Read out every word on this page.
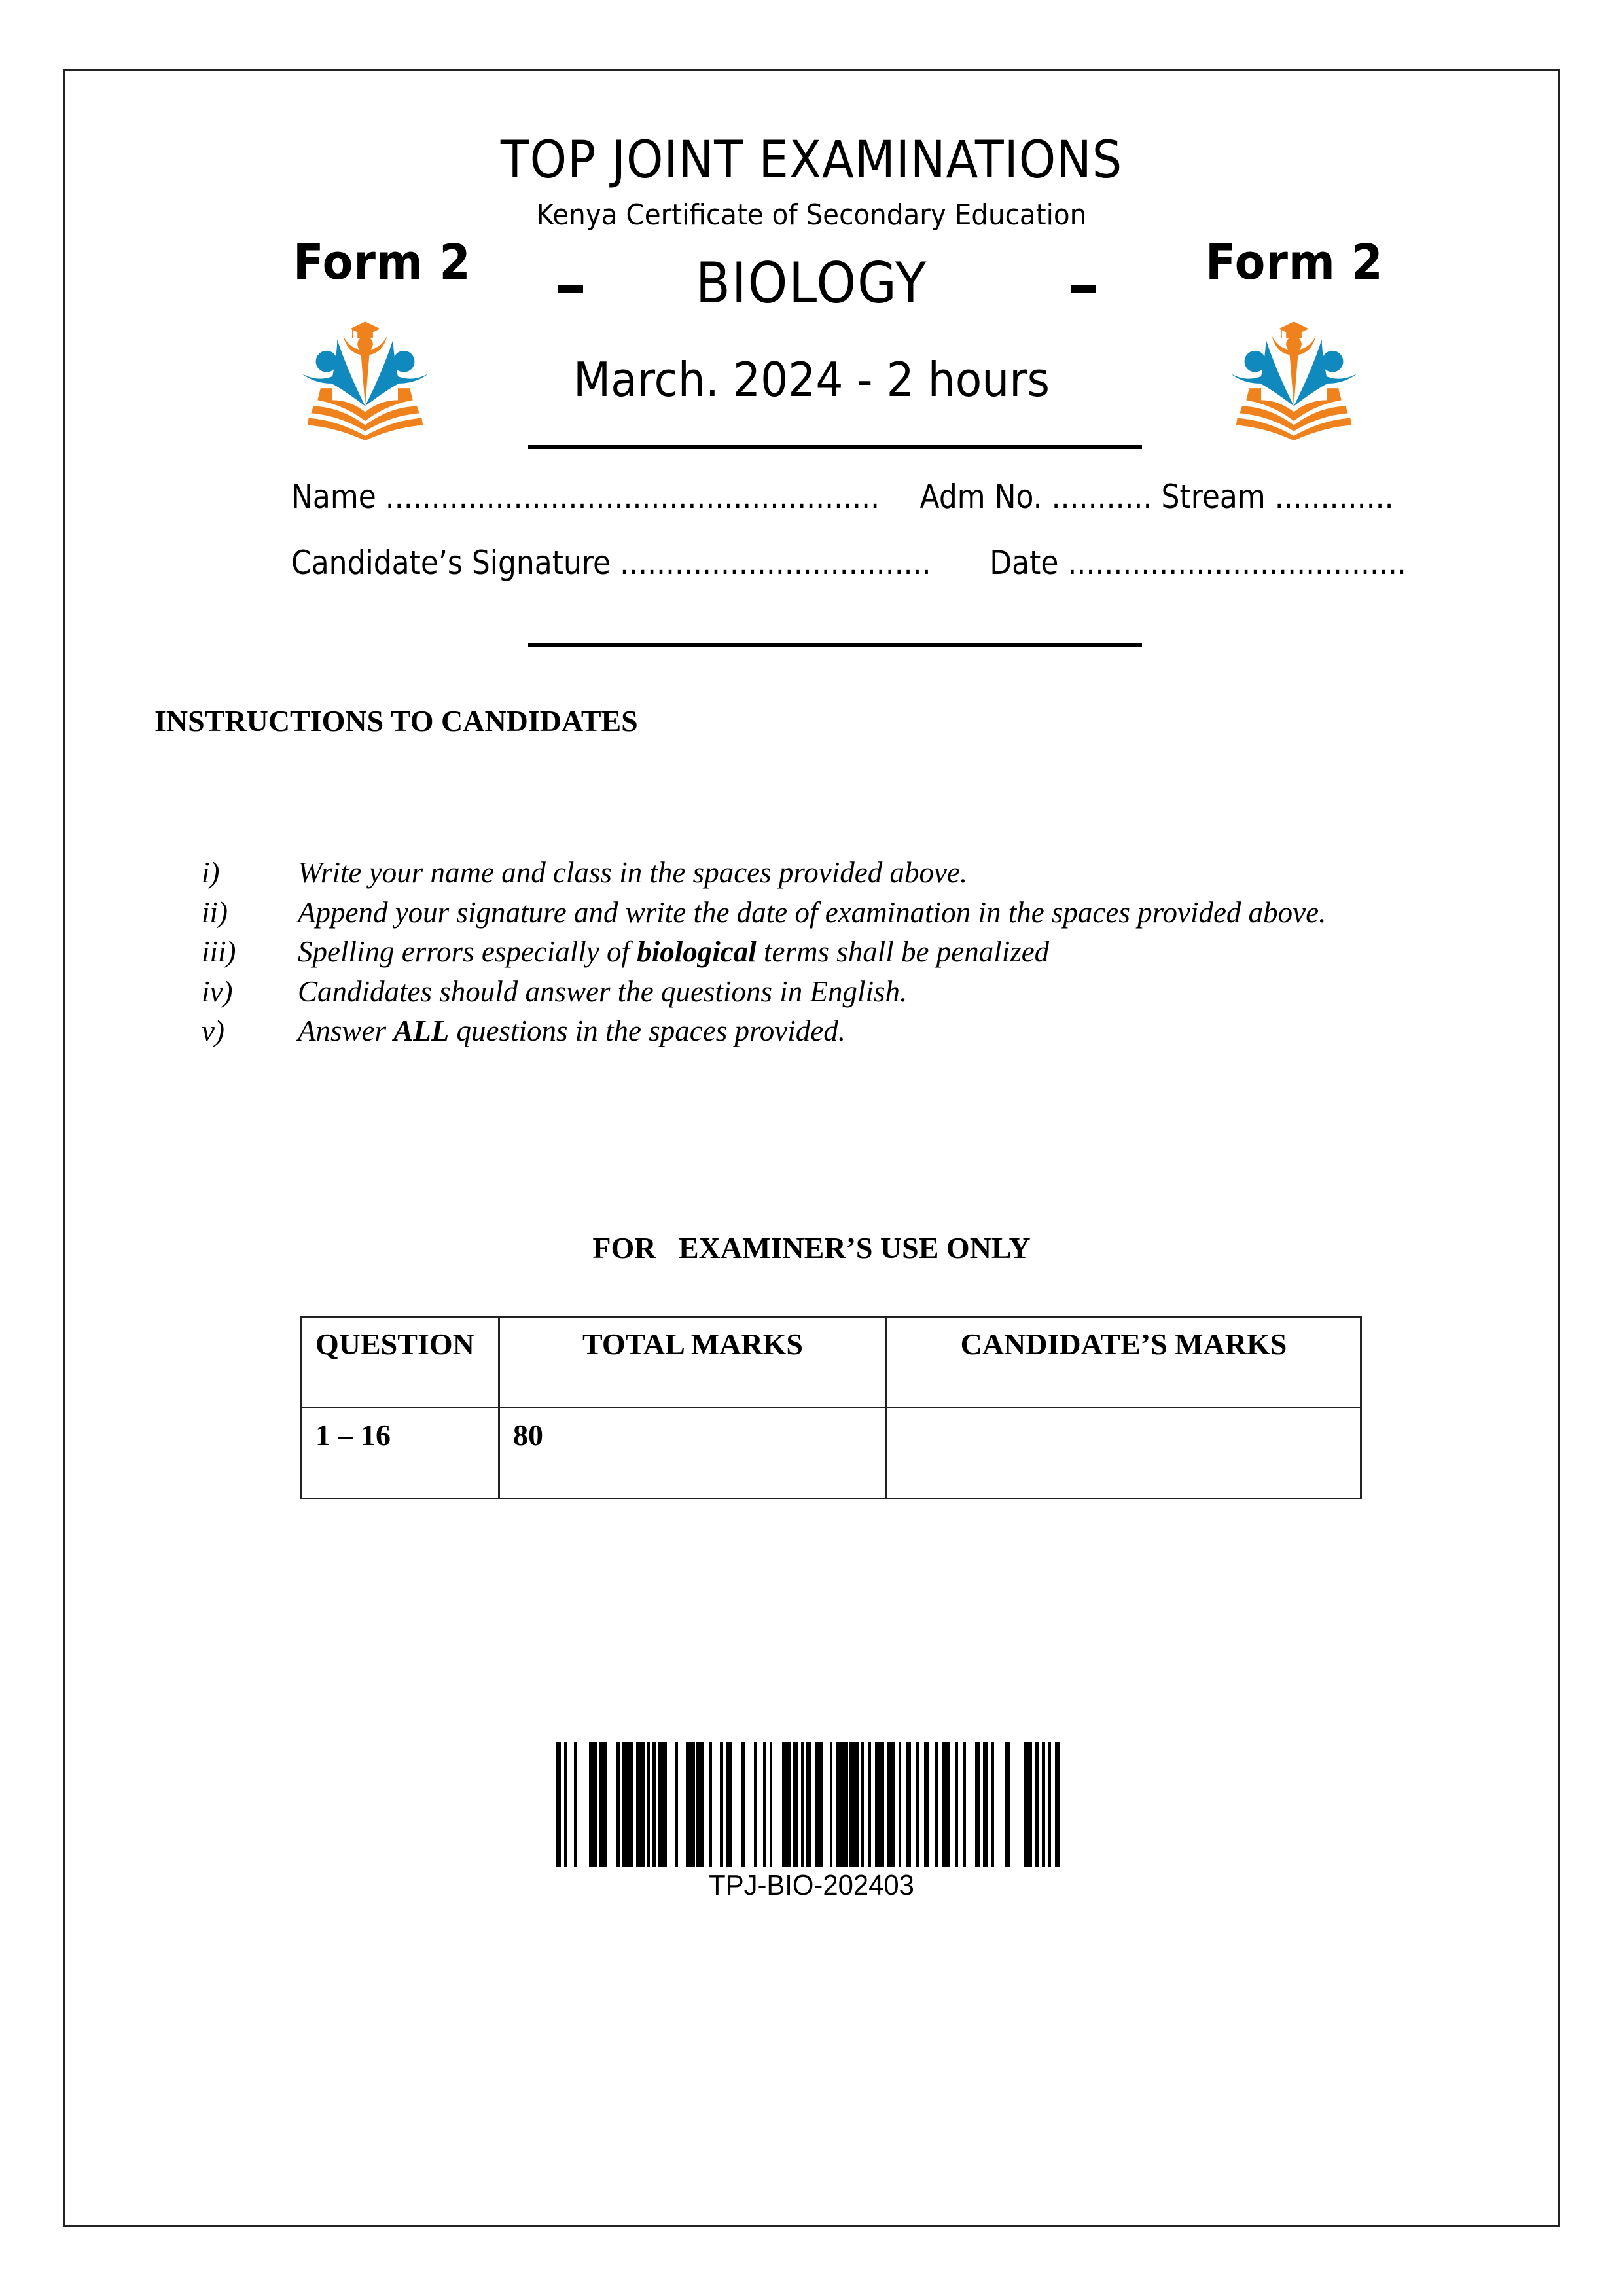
TOP JOINT EXAMINATIONS
Kenya Certificate of Secondary Education
Form 2	Form 2
BIOLOGY
March. 2024 - 2 hours
Name ...................................................... Adm No. ........... Stream .............
Candidate’s Signature .................................. Date .....................................
INSTRUCTIONS TO CANDIDATES
i)	Write your name and class in the spaces provided above.
ii)	Append your signature and write the date of examination in the spaces provided above.
iii)	Spelling errors especially of biological terms shall be penalized
iv)	Candidates should answer the questions in English.
v)	Answer ALL questions in the spaces provided.
FOR   EXAMINER’S USE ONLY
QUESTION	TOTAL MARKS	CANDIDATE’S MARKS
1 – 16	80	
TPJ-BIO-202403
